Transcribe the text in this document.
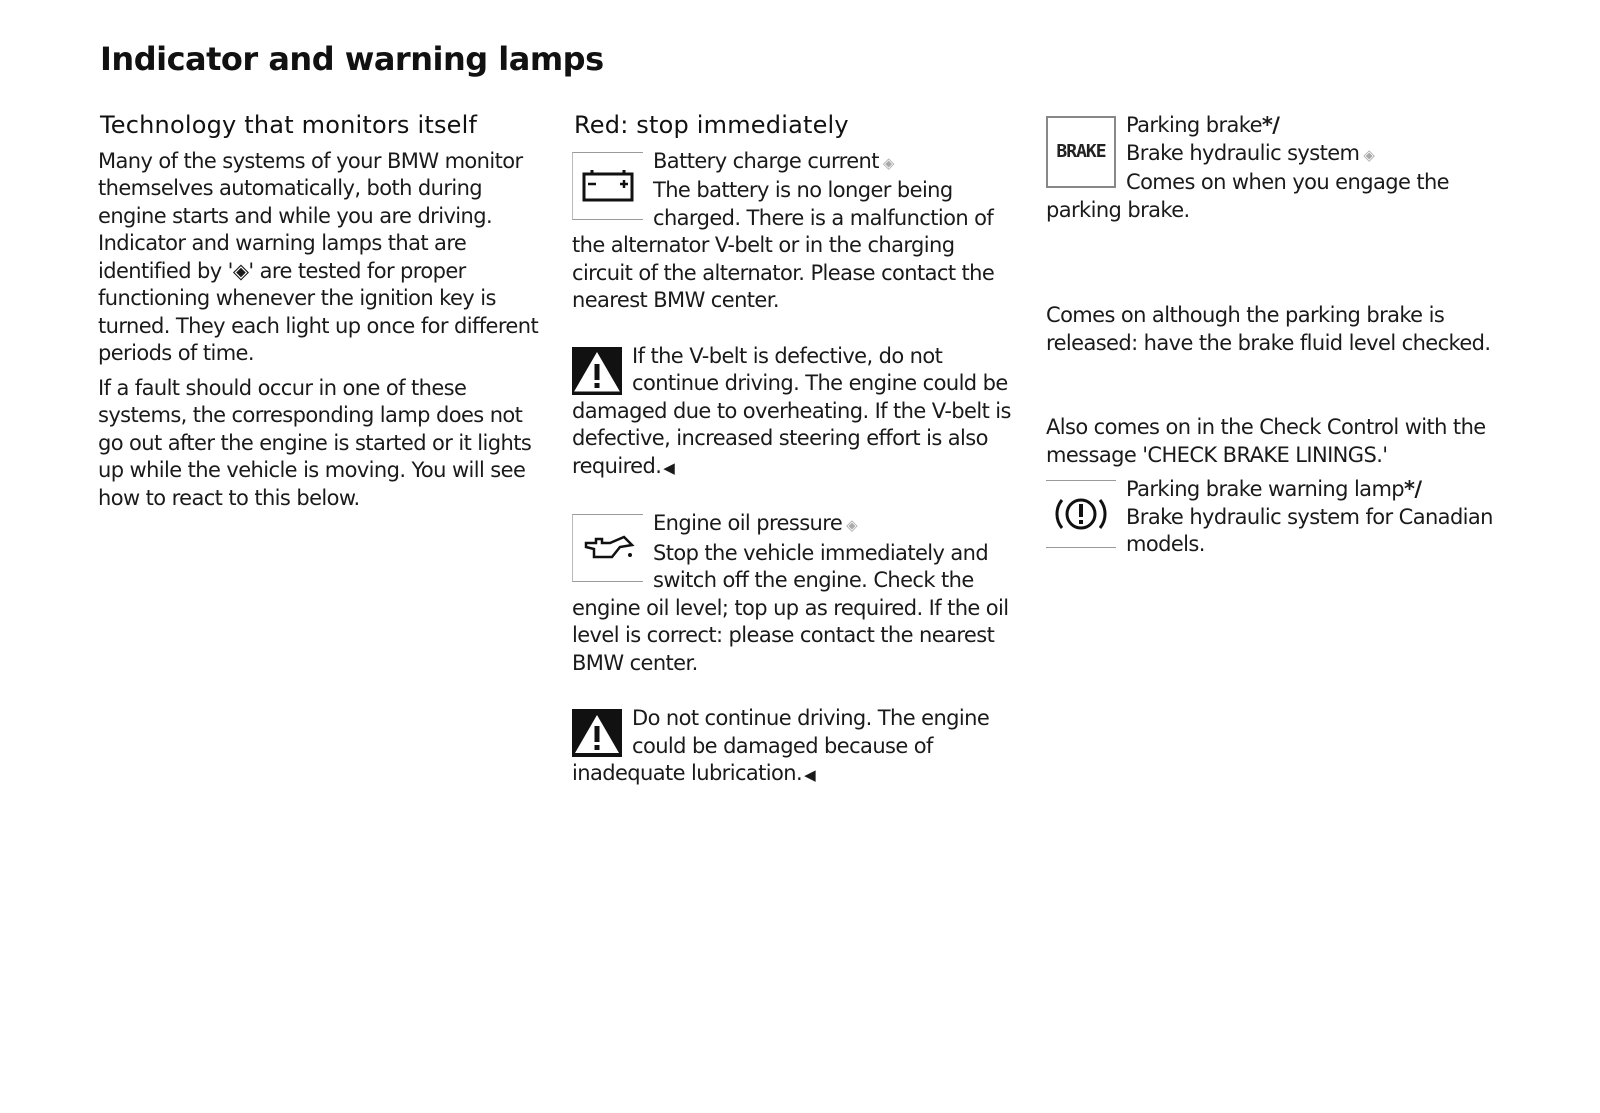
Indicator and warning lamps
Technology that monitors itself

Many of the systems of your BMW monitor themselves automatically, both during engine starts and while you are driving. Indicator and warning lamps that are identified by '◈' are tested for proper functioning whenever the ignition key is turned. They each light up once for different periods of time.

If a fault should occur in one of these systems, the corresponding lamp does not go out after the engine is started or it lights up while the vehicle is moving. You will see how to react to this below.

Red: stop immediately
Battery charge current ◈
The battery is no longer being charged. There is a malfunction of the alternator V-belt or in the charging circuit of the alternator. Please contact the nearest BMW center.
If the V-belt is defective, do not continue driving. The engine could be damaged due to overheating. If the V-belt is defective, increased steering effort is also required. ◀
Engine oil pressure ◈
Stop the vehicle immediately and switch off the engine. Check the engine oil level; top up as required. If the oil level is correct: please contact the nearest BMW center.
Do not continue driving. The engine could be damaged because of inadequate lubrication. ◀
BRAKE
Parking brake*/
Brake hydraulic system ◈
Comes on when you engage the parking brake.

Comes on although the parking brake is released: have the brake fluid level checked.

Also comes on in the Check Control with the message 'CHECK BRAKE LININGS.'

Parking brake warning lamp*/
Brake hydraulic system for Canadian models.
